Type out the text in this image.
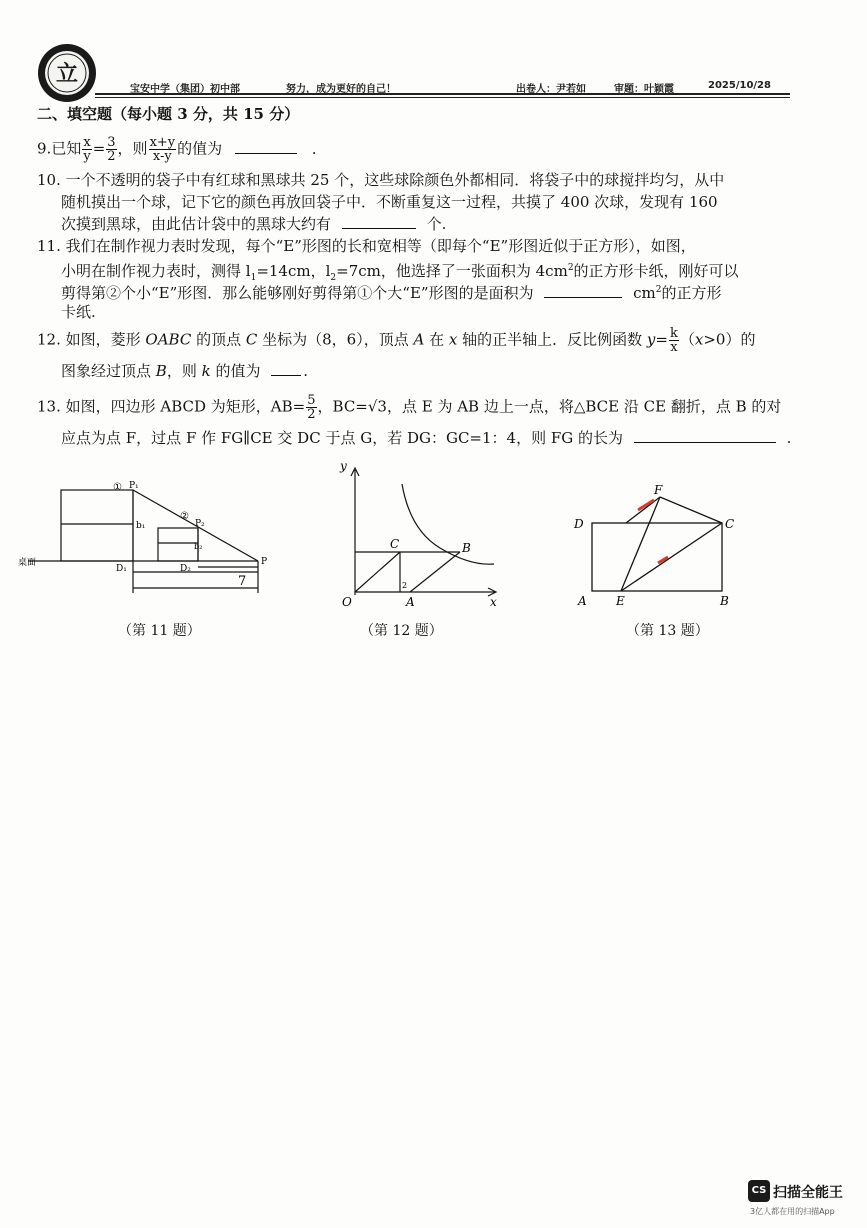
立
宝安中学（集团）初中部	努力，成为更好的自己！	出卷人：尹若如	审题：叶颖霞	2025/10/28
二、填空题（每小题 3 分，共 15 分）
9.已知 $\frac{x}{y} = \frac{3}{2}$ ，则 $\frac{x+y}{x-y}$ 的值为	.
10. 一个不透明的袋子中有红球和黑球共 25 个，这些球除颜色外都相同．将袋子中的球搅拌均匀，从中
随机摸出一个球，记下它的颜色再放回袋子中．不断重复这一过程，共摸了 400 次球，发现有 160
次摸到黑球，由此估计袋中的黑球大约有	个.
11. 我们在制作视力表时发现，每个“E”形图的长和宽相等（即每个“E”形图近似于正方形），如图，
小明在制作视力表时，测得 $l_1=14cm$，$l_2=7cm$，他选择了一张面积为 $4cm^2$的正方形卡纸，刚好可以
剪得第②个小“E”形图．那么能够刚好剪得第①个大“E”形图的是面积为	$cm^2$的正方形
卡纸.
12. 如图，菱形 OABC 的顶点 C 坐标为（8，6），顶点 A 在 x 轴的正半轴上．反比例函数 $y= \frac{k}{x} (x>0)$的
图象经过顶点 B，则 k 的值为	.
13. 如图，四边形 ABCD 为矩形，$AB= \frac{5}{2}$ ，BC=√3，点 E 为 AB 边上一点，将△BCE 沿 CE 翻折，点 B 的对
应点为点 F，过点 F 作 FG∥CE 交 DC 于点 G，若 DG：GC=1：4，则 FG 的长为	.
① P₁
②
P₂
b₁
b₂
D₁	D₂
P
桌面
7
（第 11 题）
y
x
O	A
B
C
2
（第 12 题）
D	C
A E	B
F
（第 13 题）
CS 扫描全能王
3亿人都在用的扫描App
